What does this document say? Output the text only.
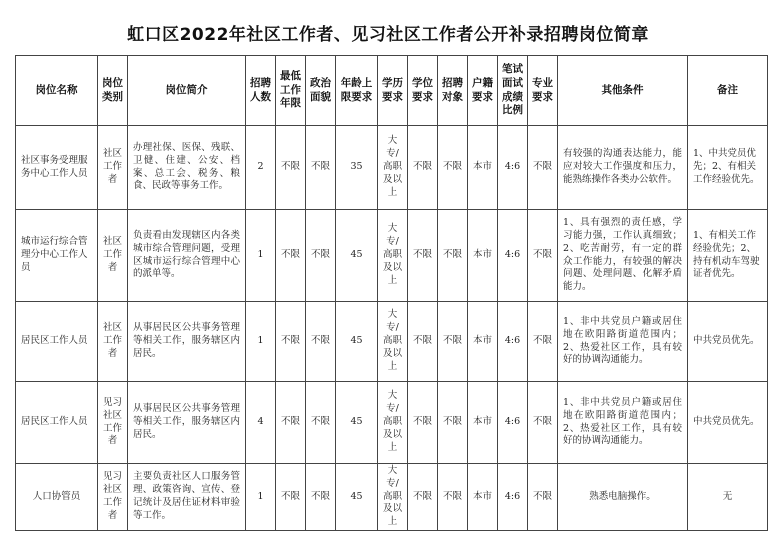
虹口区2022年社区工作者、见习社区工作者公开补录招聘岗位简章
岗位名称	岗位类别	岗位简介	招聘人数	最低工作年限	政治面貌	年龄上限要求	学历要求	学位要求	招聘对象	户籍要求	笔试面试成绩比例	专业要求	其他条件	备注
社区事务受理服务中心工作人员	社区工作者	办理社保、医保、残联、卫健、住建、公安、档案、总工会、税务、粮食、民政等事务工作。	2	不限	不限	35	大专/高职及以上	不限	不限	本市	4:6	不限	有较强的沟通表达能力，能应对较大工作强度和压力，能熟练操作各类办公软件。	1、中共党员优先；2、有相关工作经验优先。
城市运行综合管理分中心工作人员	社区工作者	负责看由发现辖区内各类城市综合管理问题，受理区城市运行综合管理中心的派单等。	1	不限	不限	45	大专/高职及以上	不限	不限	本市	4:6	不限	1、具有强烈的责任感，学习能力强，工作认真细致；2、吃苦耐劳，有一定的群众工作能力，有较强的解决问题、处理问题、化解矛盾能力。	1、有相关工作经验优先；2、持有机动车驾驶证者优先。
居民区工作人员	社区工作者	从事居民区公共事务管理等相关工作，服务辖区内居民。	1	不限	不限	45	大专/高职及以上	不限	不限	本市	4:6	不限	1、非中共党员户籍或居住地在欧阳路街道范围内；2、热爱社区工作，具有较好的协调沟通能力。	中共党员优先。
居民区工作人员	见习社区工作者	从事居民区公共事务管理等相关工作，服务辖区内居民。	4	不限	不限	45	大专/高职及以上	不限	不限	本市	4:6	不限	1、非中共党员户籍或居住地在欧阳路街道范围内；2、热爱社区工作，具有较好的协调沟通能力。	中共党员优先。
人口协管员	见习社区工作者	主要负责社区人口服务管理、政策咨询、宣传、登记统计及居住证材料审验等工作。	1	不限	不限	45	大专/高职及以上	不限	不限	本市	4:6	不限	熟悉电脑操作。	无
